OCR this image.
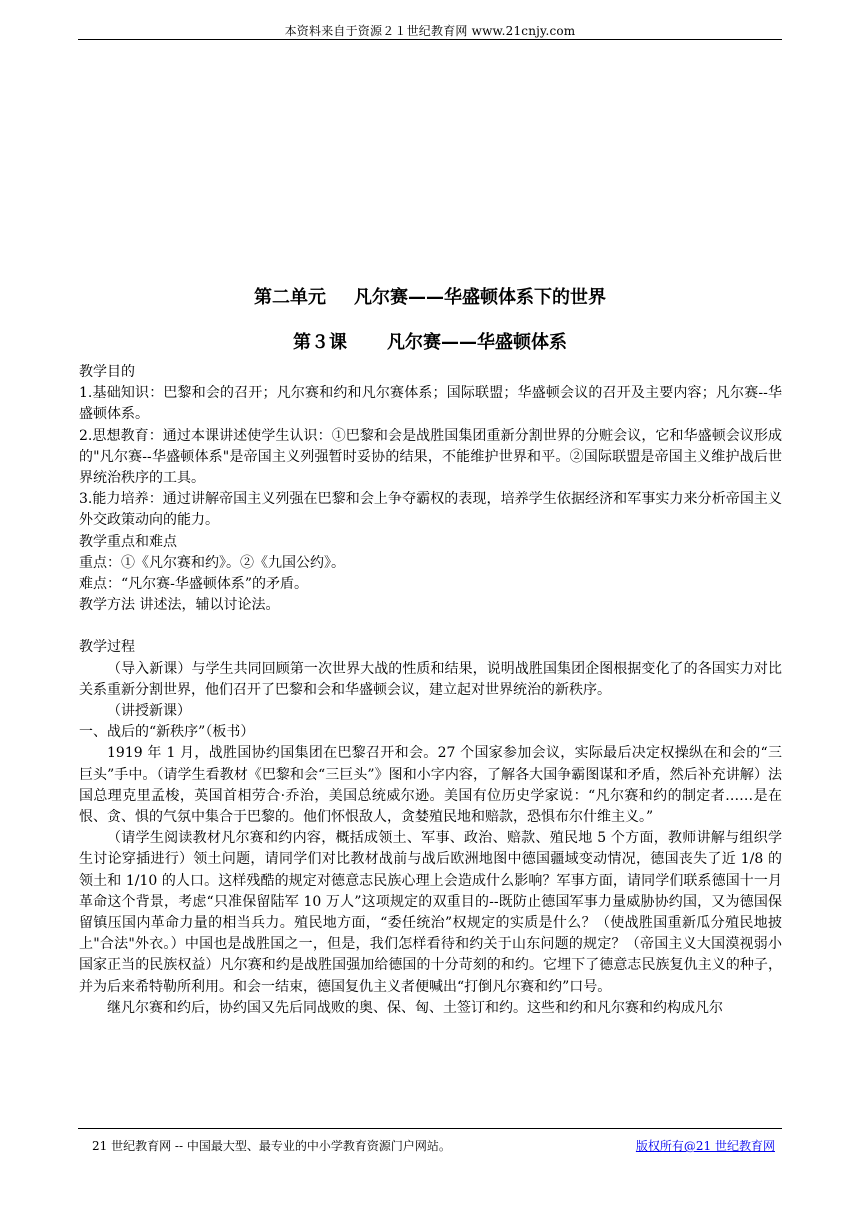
本资料来自于资源２１世纪教育网 www.21cnjy.com
第二单元 凡尔赛——华盛顿体系下的世界
第３课 凡尔赛——华盛顿体系

教学目的

1.基础知识：巴黎和会的召开；凡尔赛和约和凡尔赛体系；国际联盟；华盛顿会议的召开及主要内容；凡尔赛--华盛顿体系。

2.思想教育：通过本课讲述使学生认识：①巴黎和会是战胜国集团重新分割世界的分赃会议，它和华盛顿会议形成的"凡尔赛--华盛顿体系"是帝国主义列强暂时妥协的结果，不能维护世界和平。②国际联盟是帝国主义维护战后世界统治秩序的工具。

3.能力培养：通过讲解帝国主义列强在巴黎和会上争夺霸权的表现，培养学生依据经济和军事实力来分析帝国主义外交政策动向的能力。

教学重点和难点

重点：①《凡尔赛和约》。②《九国公约》。

难点：“凡尔赛-华盛顿体系”的矛盾。

教学方法 讲述法，辅以讨论法。

教学过程

（导入新课）与学生共同回顾第一次世界大战的性质和结果，说明战胜国集团企图根据变化了的各国实力对比关系重新分割世界，他们召开了巴黎和会和华盛顿会议，建立起对世界统治的新秩序。

（讲授新课）

一、战后的“新秩序”（板书）

1919 年 1 月，战胜国协约国集团在巴黎召开和会。27 个国家参加会议，实际最后决定权操纵在和会的“三巨头”手中。（请学生看教材《巴黎和会“三巨头”》图和小字内容，了解各大国争霸图谋和矛盾，然后补充讲解）法国总理克里孟梭，英国首相劳合·乔治，美国总统威尔逊。美国有位历史学家说：“凡尔赛和约的制定者……是在恨、贪、惧的气氛中集合于巴黎的。他们怀恨敌人，贪婪殖民地和赔款，恐惧布尔什维主义。”

（请学生阅读教材凡尔赛和约内容，概括成领土、军事、政治、赔款、殖民地 5 个方面，教师讲解与组织学生讨论穿插进行）领土问题，请同学们对比教材战前与战后欧洲地图中德国疆域变动情况，德国丧失了近 1/8 的领土和 1/10 的人口。这样残酷的规定对德意志民族心理上会造成什么影响？军事方面，请同学们联系德国十一月革命这个背景，考虑“只准保留陆军 10 万人”这项规定的双重目的--既防止德国军事力量威胁协约国，又为德国保留镇压国内革命力量的相当兵力。殖民地方面，“委任统治”权规定的实质是什么？（使战胜国重新瓜分殖民地披上"合法"外衣。）中国也是战胜国之一，但是，我们怎样看待和约关于山东问题的规定？（帝国主义大国漠视弱小国家正当的民族权益）凡尔赛和约是战胜国强加给德国的十分苛刻的和约。它埋下了德意志民族复仇主义的种子，并为后来希特勒所利用。和会一结束，德国复仇主义者便喊出“打倒凡尔赛和约”口号。

继凡尔赛和约后，协约国又先后同战败的奥、保、匈、土签订和约。这些和约和凡尔赛和约构成凡尔

21 世纪教育网 -- 中国最大型、最专业的中小学教育资源门户网站。	版权所有@21 世纪教育网
